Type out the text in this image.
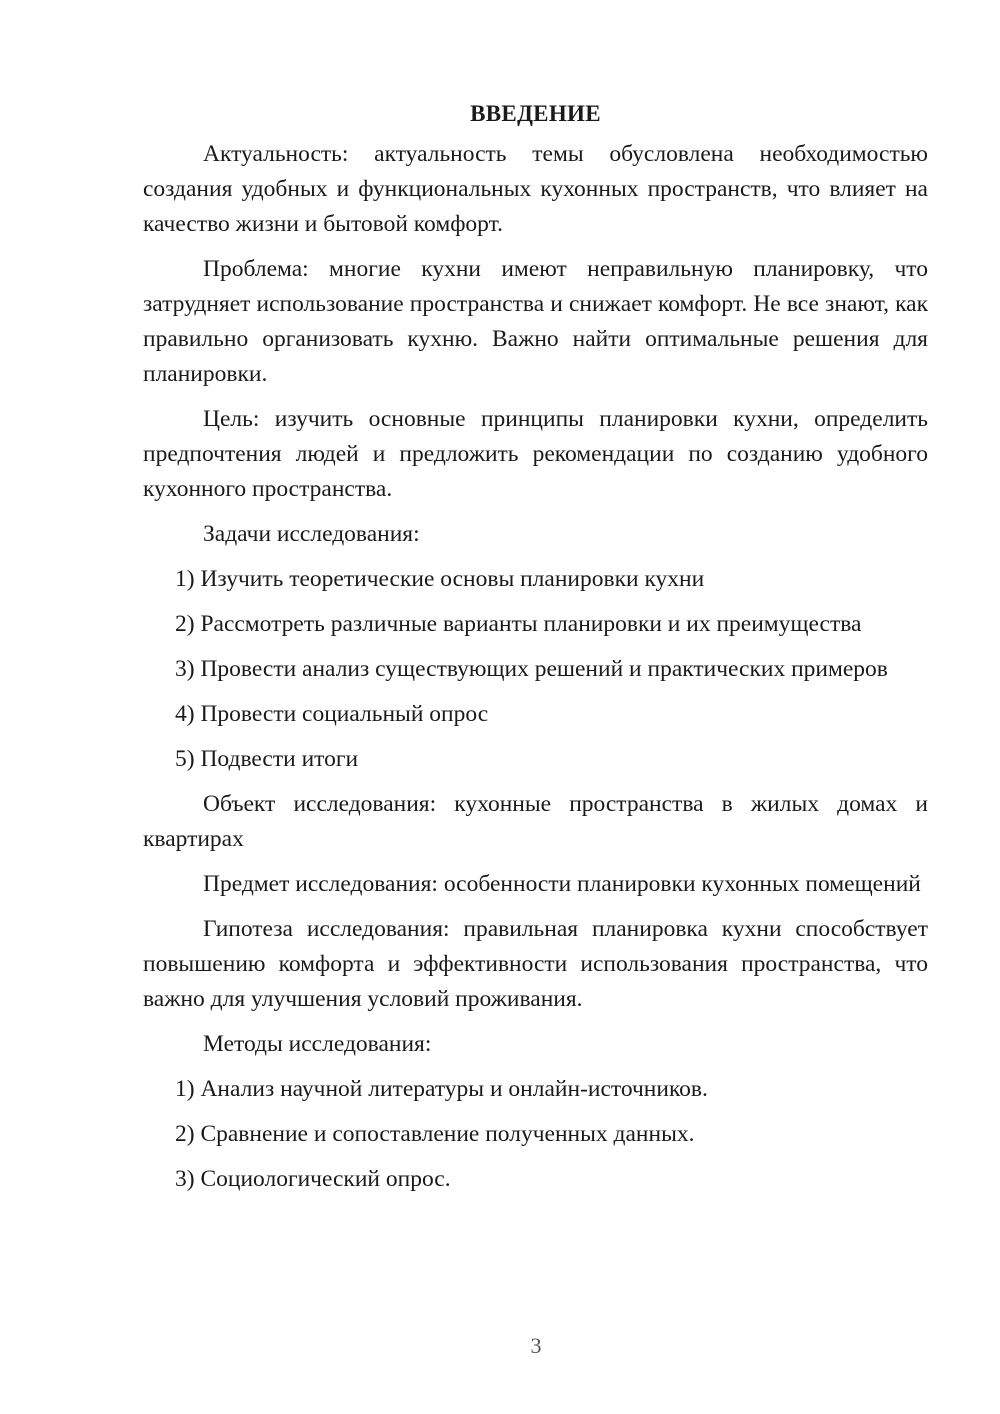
ВВЕДЕНИЕ

Актуальность: актуальность темы обусловлена необходимостью создания удобных и функциональных кухонных пространств, что влияет на качество жизни и бытовой комфорт.

Проблема: многие кухни имеют неправильную планировку, что затрудняет использование пространства и снижает комфорт. Не все знают, как правильно организовать кухню. Важно найти оптимальные решения для планировки.

Цель: изучить основные принципы планировки кухни, определить предпочтения людей и предложить рекомендации по созданию удобного кухонного пространства.

Задачи исследования:

1) Изучить теоретические основы планировки кухни
2) Рассмотреть различные варианты планировки и их преимущества
3) Провести анализ существующих решений и практических примеров
4) Провести социальный опрос
5) Подвести итоги

Объект исследования: кухонные пространства в жилых домах и квартирах

Предмет исследования: особенности планировки кухонных помещений

Гипотеза исследования: правильная планировка кухни способствует повышению комфорта и эффективности использования пространства, что важно для улучшения условий проживания.

Методы исследования:

1) Анализ научной литературы и онлайн-источников.
2) Сравнение и сопоставление полученных данных.
3) Социологический опрос.
3
